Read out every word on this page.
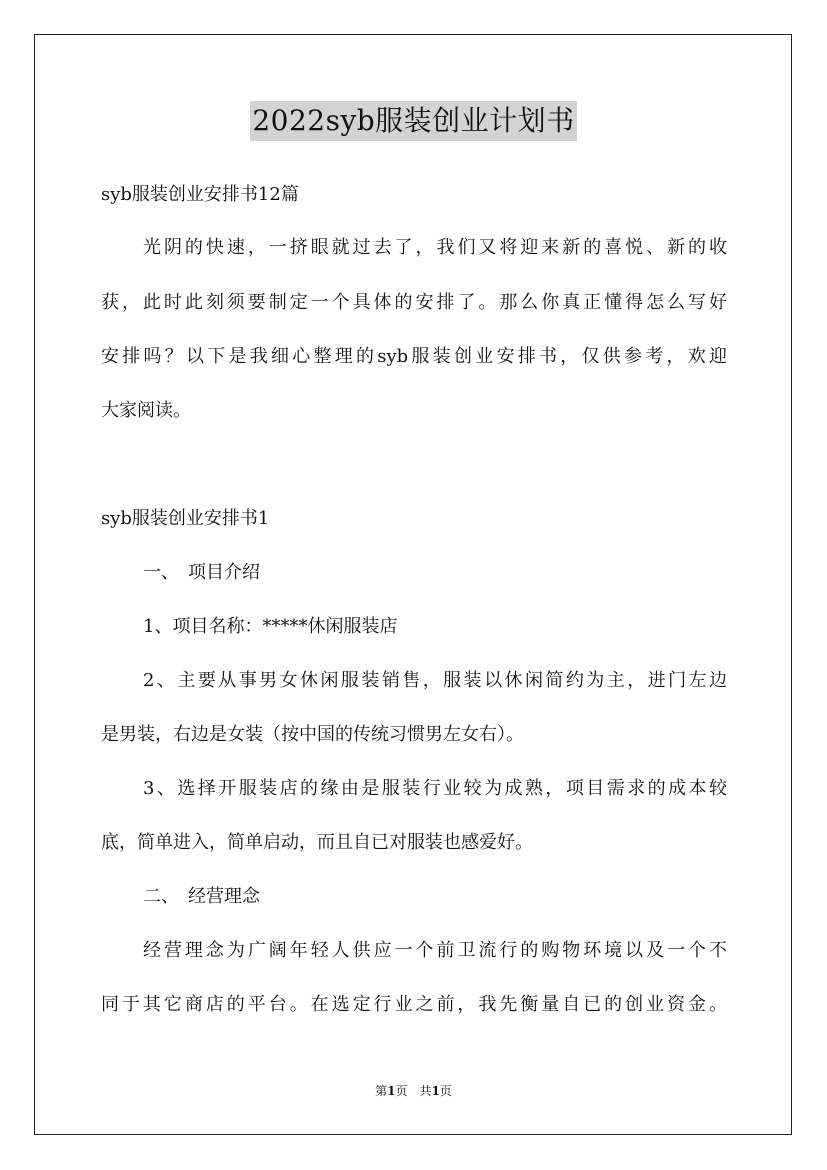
2022syb服装创业计划书
syb服装创业安排书12篇
光阴的快速，一挤眼就过去了，我们又将迎来新的喜悦、新的收
获，此时此刻须要制定一个具体的安排了。那么你真正懂得怎么写好
安排吗？以下是我细心整理的syb服装创业安排书，仅供参考，欢迎
大家阅读。
syb服装创业安排书1
一、　项目介绍
1、项目名称：*****休闲服装店
2、主要从事男女休闲服装销售，服装以休闲简约为主，进门左边
是男装，右边是女装（按中国的传统习惯男左女右）。
3、选择开服装店的缘由是服装行业较为成熟，项目需求的成本较
底，简单进入，简单启动，而且自已对服装也感爱好。
二、　经营理念
经营理念为广阔年轻人供应一个前卫流行的购物环境以及一个不
同于其它商店的平台。在选定行业之前，我先衡量自已的创业资金。
第1页　共1页
